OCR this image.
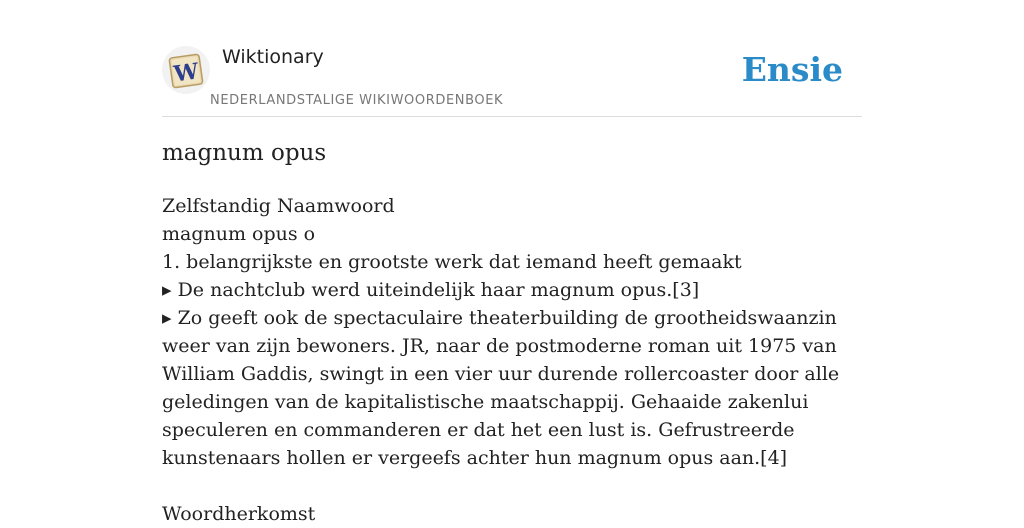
W
Wiktionary
NEDERLANDSTALIGE WIKIWOORDENBOEK
Ensie
magnum opus
Zelfstandig Naamwoord
magnum opus o
1. belangrijkste en grootste werk dat iemand heeft gemaakt
▸ De nachtclub werd uiteindelijk haar magnum opus.[3]
▸ Zo geeft ook de spectaculaire theaterbuilding de grootheidswaanzin weer van zijn bewoners. JR, naar de postmoderne roman uit 1975 van William Gaddis, swingt in een vier uur durende rollercoaster door alle geledingen van de kapitalistische maatschappij. Gehaaide zakenlui speculeren en commanderen er dat het een lust is. Gefrustreerde kunstenaars hollen er vergeefs achter hun magnum opus aan.[4]
Woordherkomst
